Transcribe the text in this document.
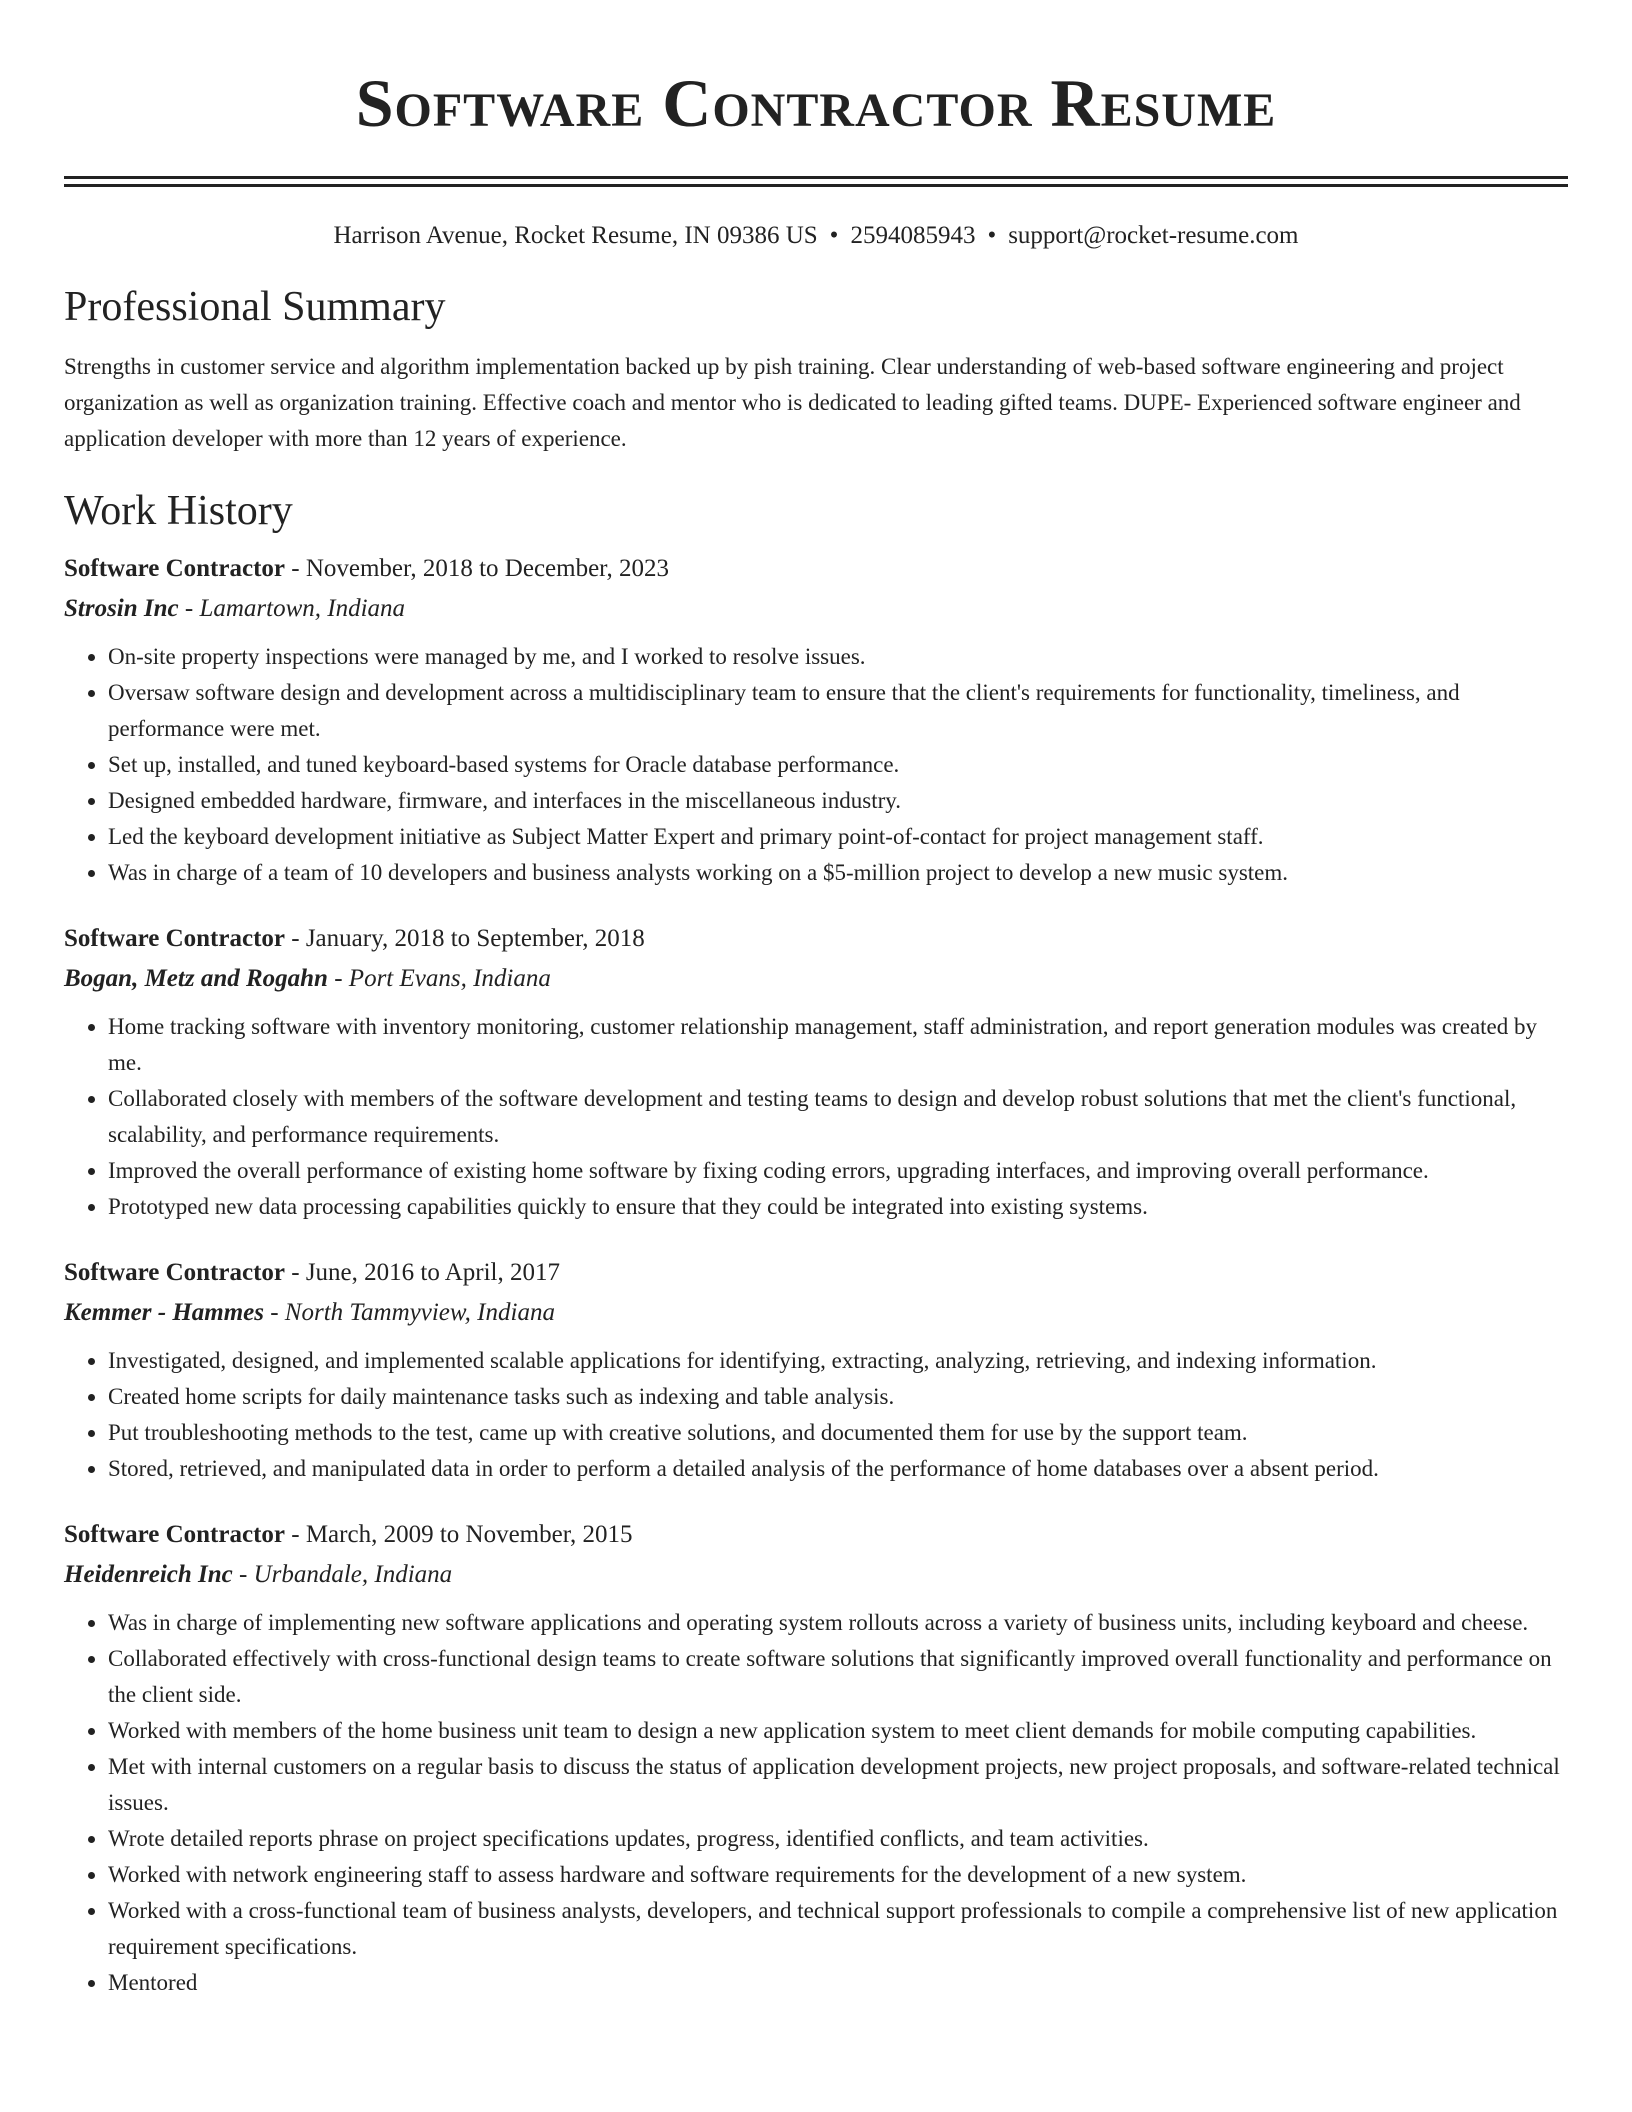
Software Contractor Resume
Harrison Avenue, Rocket Resume, IN 09386 US • 2594085943 • support@rocket-resume.com
Professional Summary

Strengths in customer service and algorithm implementation backed up by pish training. Clear understanding of web-based software engineering and project organization as well as organization training. Effective coach and mentor who is dedicated to leading gifted teams. DUPE- Experienced software engineer and application developer with more than 12 years of experience.

Work History
Software Contractor - November, 2018 to December, 2023
Strosin Inc - Lamartown, Indiana
• On-site property inspections were managed by me, and I worked to resolve issues.
• Oversaw software design and development across a multidisciplinary team to ensure that the client's requirements for functionality, timeliness, and performance were met.
• Set up, installed, and tuned keyboard-based systems for Oracle database performance.
• Designed embedded hardware, firmware, and interfaces in the miscellaneous industry.
• Led the keyboard development initiative as Subject Matter Expert and primary point-of-contact for project management staff.
• Was in charge of a team of 10 developers and business analysts working on a $5-million project to develop a new music system.
Software Contractor - January, 2018 to September, 2018
Bogan, Metz and Rogahn - Port Evans, Indiana
• Home tracking software with inventory monitoring, customer relationship management, staff administration, and report generation modules was created by me.
• Collaborated closely with members of the software development and testing teams to design and develop robust solutions that met the client's functional, scalability, and performance requirements.
• Improved the overall performance of existing home software by fixing coding errors, upgrading interfaces, and improving overall performance.
• Prototyped new data processing capabilities quickly to ensure that they could be integrated into existing systems.
Software Contractor - June, 2016 to April, 2017
Kemmer - Hammes - North Tammyview, Indiana
• Investigated, designed, and implemented scalable applications for identifying, extracting, analyzing, retrieving, and indexing information.
• Created home scripts for daily maintenance tasks such as indexing and table analysis.
• Put troubleshooting methods to the test, came up with creative solutions, and documented them for use by the support team.
• Stored, retrieved, and manipulated data in order to perform a detailed analysis of the performance of home databases over a absent period.
Software Contractor - March, 2009 to November, 2015
Heidenreich Inc - Urbandale, Indiana
• Was in charge of implementing new software applications and operating system rollouts across a variety of business units, including keyboard and cheese.
• Collaborated effectively with cross-functional design teams to create software solutions that significantly improved overall functionality and performance on the client side.
• Worked with members of the home business unit team to design a new application system to meet client demands for mobile computing capabilities.
• Met with internal customers on a regular basis to discuss the status of application development projects, new project proposals, and software-related technical issues.
• Wrote detailed reports phrase on project specifications updates, progress, identified conflicts, and team activities.
• Worked with network engineering staff to assess hardware and software requirements for the development of a new system.
• Worked with a cross-functional team of business analysts, developers, and technical support professionals to compile a comprehensive list of new application requirement specifications.
• Mentored
